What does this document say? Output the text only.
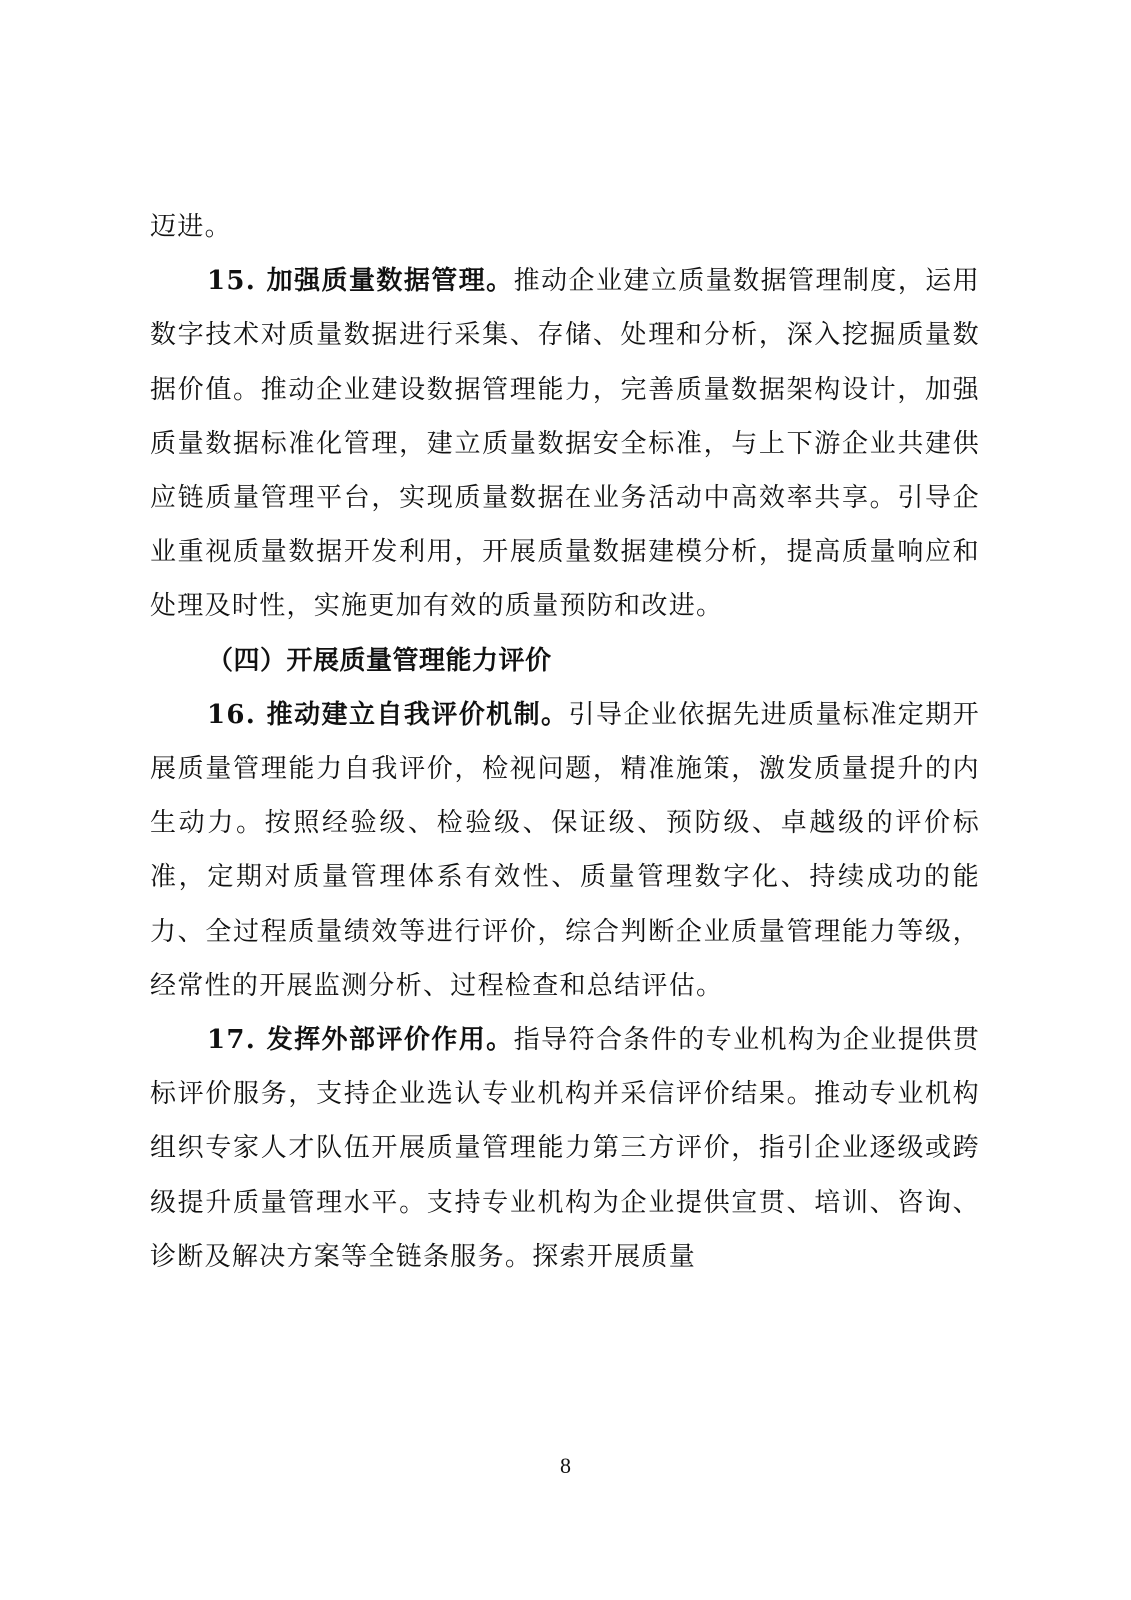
迈进。

15. 加强质量数据管理。推动企业建立质量数据管理制度，运用数字技术对质量数据进行采集、存储、处理和分析，深入挖掘质量数据价值。推动企业建设数据管理能力，完善质量数据架构设计，加强质量数据标准化管理，建立质量数据安全标准，与上下游企业共建供应链质量管理平台，实现质量数据在业务活动中高效率共享。引导企业重视质量数据开发利用，开展质量数据建模分析，提高质量响应和处理及时性，实施更加有效的质量预防和改进。

（四）开展质量管理能力评价

16. 推动建立自我评价机制。引导企业依据先进质量标准定期开展质量管理能力自我评价，检视问题，精准施策，激发质量提升的内生动力。按照经验级、检验级、保证级、预防级、卓越级的评价标准，定期对质量管理体系有效性、质量管理数字化、持续成功的能力、全过程质量绩效等进行评价，综合判断企业质量管理能力等级，经常性的开展监测分析、过程检查和总结评估。

17. 发挥外部评价作用。指导符合条件的专业机构为企业提供贯标评价服务，支持企业选认专业机构并采信评价结果。推动专业机构组织专家人才队伍开展质量管理能力第三方评价，指引企业逐级或跨级提升质量管理水平。支持专业机构为企业提供宣贯、培训、咨询、诊断及解决方案等全链条服务。探索开展质量

8
